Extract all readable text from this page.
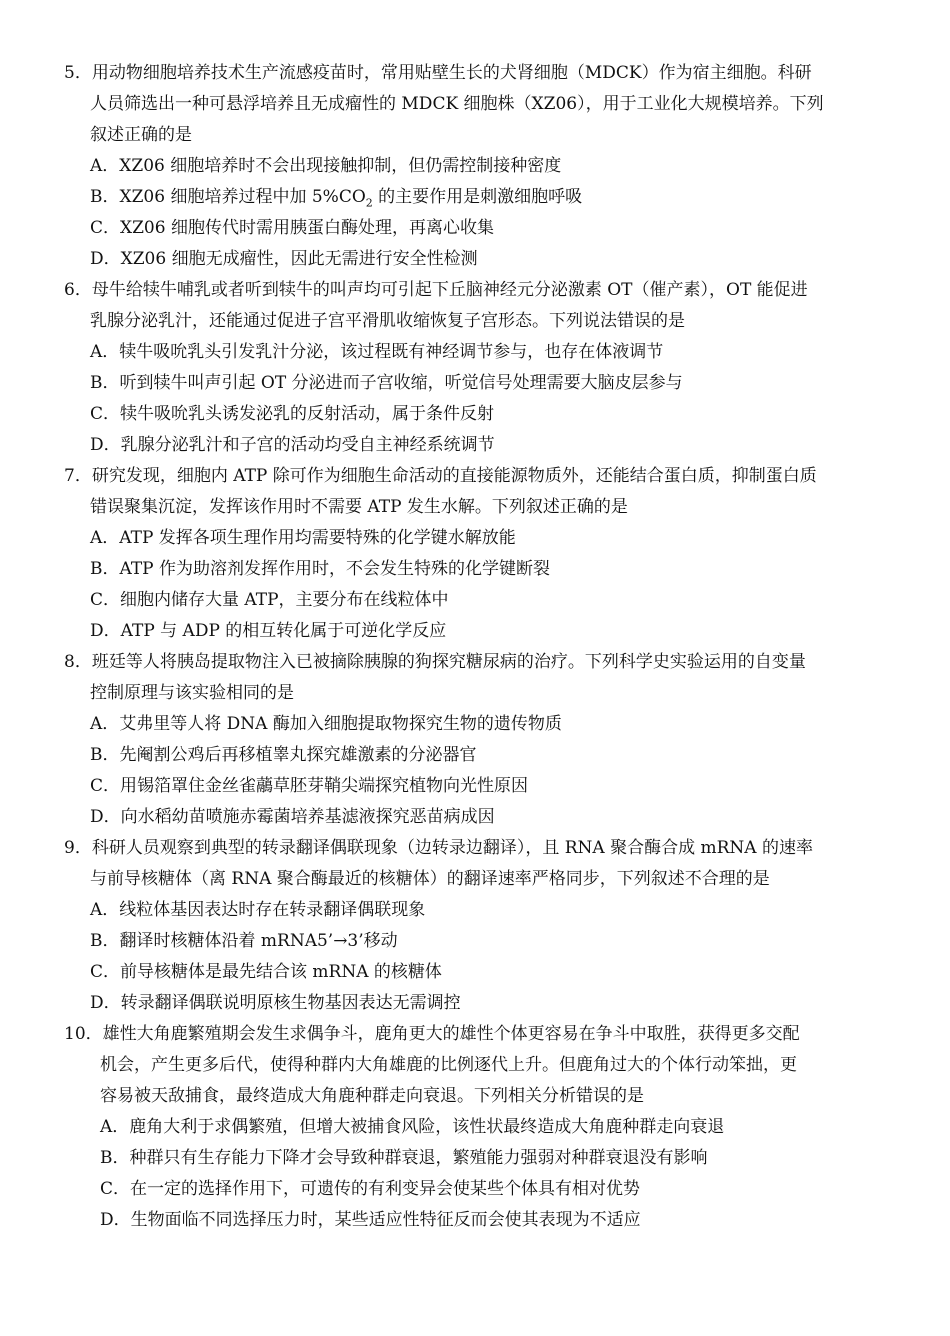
5．用动物细胞培养技术生产流感疫苗时，常用贴壁生长的犬肾细胞（MDCK）作为宿主细胞。科研
人员筛选出一种可悬浮培养且无成瘤性的 MDCK 细胞株（XZ06），用于工业化大规模培养。下列
叙述正确的是
A．XZ06 细胞培养时不会出现接触抑制，但仍需控制接种密度
B．XZ06 细胞培养过程中加 $5\%CO_2$ 的主要作用是刺激细胞呼吸
C．XZ06 细胞传代时需用胰蛋白酶处理，再离心收集
D．XZ06 细胞无成瘤性，因此无需进行安全性检测
6．母牛给犊牛哺乳或者听到犊牛的叫声均可引起下丘脑神经元分泌激素 OT（催产素），OT 能促进
乳腺分泌乳汁，还能通过促进子宫平滑肌收缩恢复子宫形态。下列说法错误的是
A．犊牛吸吮乳头引发乳汁分泌，该过程既有神经调节参与，也存在体液调节
B．听到犊牛叫声引起 OT 分泌进而子宫收缩，听觉信号处理需要大脑皮层参与
C．犊牛吸吮乳头诱发泌乳的反射活动，属于条件反射
D．乳腺分泌乳汁和子宫的活动均受自主神经系统调节
7．研究发现，细胞内 ATP 除可作为细胞生命活动的直接能源物质外，还能结合蛋白质，抑制蛋白质
错误聚集沉淀，发挥该作用时不需要 ATP 发生水解。下列叙述正确的是
A．ATP 发挥各项生理作用均需要特殊的化学键水解放能
B．ATP 作为助溶剂发挥作用时，不会发生特殊的化学键断裂
C．细胞内储存大量 ATP，主要分布在线粒体中
D．ATP 与 ADP 的相互转化属于可逆化学反应
8．班廷等人将胰岛提取物注入已被摘除胰腺的狗探究糖尿病的治疗。下列科学史实验运用的自变量
控制原理与该实验相同的是
A．艾弗里等人将 DNA 酶加入细胞提取物探究生物的遗传物质
B．先阉割公鸡后再移植睾丸探究雄激素的分泌器官
C．用锡箔罩住金丝雀虉草胚芽鞘尖端探究植物向光性原因
D．向水稻幼苗喷施赤霉菌培养基滤液探究恶苗病成因
9．科研人员观察到典型的转录翻译偶联现象（边转录边翻译），且 RNA 聚合酶合成 mRNA 的速率
与前导核糖体（离 RNA 聚合酶最近的核糖体）的翻译速率严格同步，下列叙述不合理的是
A．线粒体基因表达时存在转录翻译偶联现象
B．翻译时核糖体沿着 mRNA5’→3’移动
C．前导核糖体是最先结合该 mRNA 的核糖体
D．转录翻译偶联说明原核生物基因表达无需调控
10．雄性大角鹿繁殖期会发生求偶争斗，鹿角更大的雄性个体更容易在争斗中取胜，获得更多交配
机会，产生更多后代，使得种群内大角雄鹿的比例逐代上升。但鹿角过大的个体行动笨拙，更
容易被天敌捕食，最终造成大角鹿种群走向衰退。下列相关分析错误的是
A．鹿角大利于求偶繁殖，但增大被捕食风险，该性状最终造成大角鹿种群走向衰退
B．种群只有生存能力下降才会导致种群衰退，繁殖能力强弱对种群衰退没有影响
C．在一定的选择作用下，可遗传的有利变异会使某些个体具有相对优势
D．生物面临不同选择压力时，某些适应性特征反而会使其表现为不适应
